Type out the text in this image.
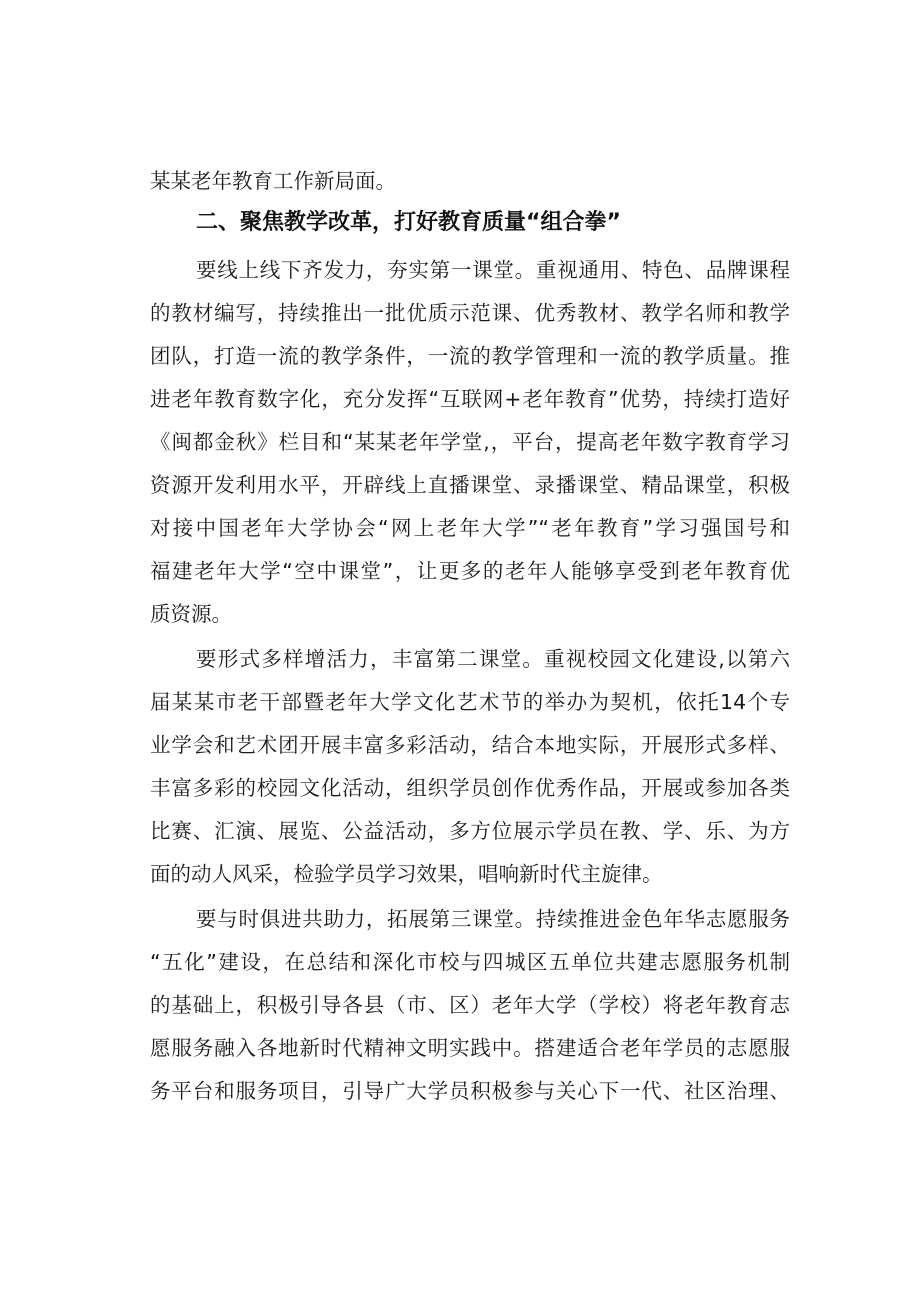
某某老年教育工作新局面。
二、聚焦教学改革，打好教育质量“组合拳”
要线上线下齐发力，夯实第一课堂。重视通用、特色、品牌课程
的教材编写，持续推出一批优质示范课、优秀教材、教学名师和教学
团队，打造一流的教学条件，一流的教学管理和一流的教学质量。推
进老年教育数字化，充分发挥“互联网+老年教育”优势，持续打造好
《闽都金秋》栏目和“某某老年学堂,，平台，提高老年数字教育学习
资源开发利用水平，开辟线上直播课堂、录播课堂、精品课堂，积极
对接中国老年大学协会“网上老年大学”“老年教育”学习强国号和
福建老年大学“空中课堂”，让更多的老年人能够享受到老年教育优
质资源。
要形式多样增活力，丰富第二课堂。重视校园文化建设,以第六
届某某市老干部暨老年大学文化艺术节的举办为契机，依托14个专
业学会和艺术团开展丰富多彩活动，结合本地实际，开展形式多样、
丰富多彩的校园文化活动，组织学员创作优秀作品，开展或参加各类
比赛、汇演、展览、公益活动，多方位展示学员在教、学、乐、为方
面的动人风采，检验学员学习效果，唱响新时代主旋律。
要与时俱进共助力，拓展第三课堂。持续推进金色年华志愿服务
“五化”建设，在总结和深化市校与四城区五单位共建志愿服务机制
的基础上，积极引导各县（市、区）老年大学（学校）将老年教育志
愿服务融入各地新时代精神文明实践中。搭建适合老年学员的志愿服
务平台和服务项目，引导广大学员积极参与关心下一代、社区治理、
